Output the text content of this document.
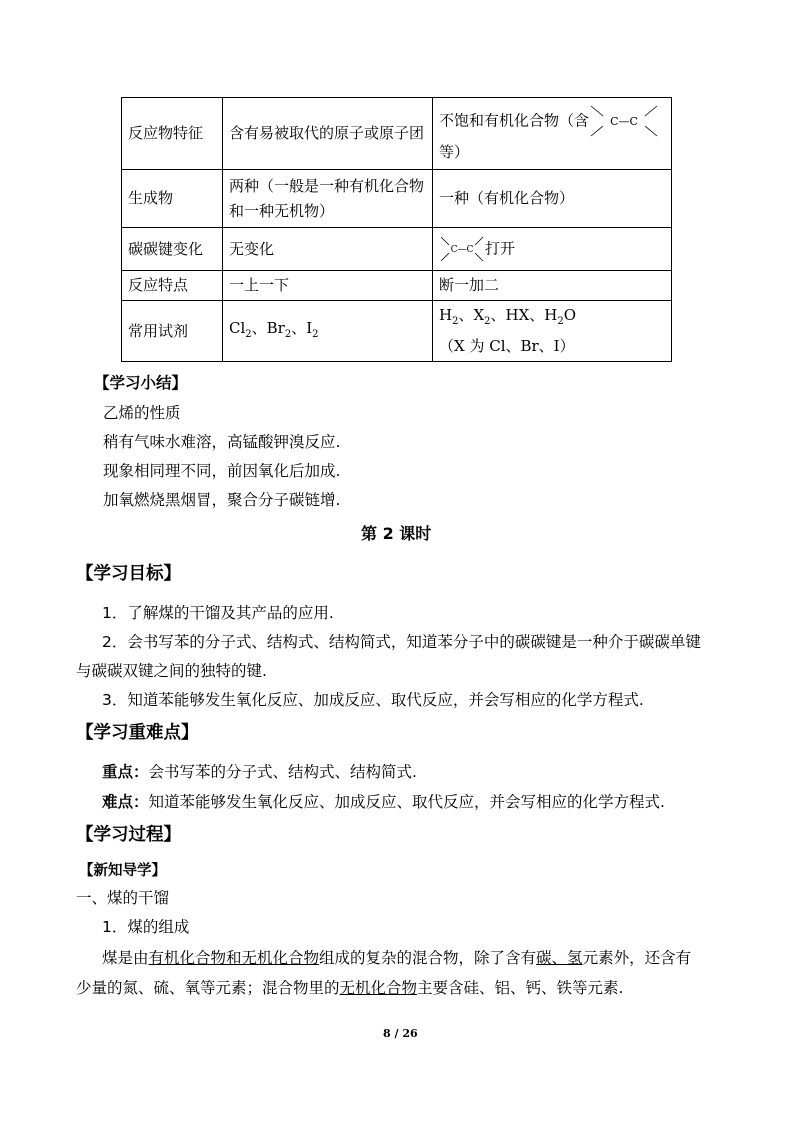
反应物特征	含有易被取代的原子或原子团	不饱和有机化合物（含 C—C

等）
生成物	两种（一般是一种有机化合物和一种无机物）	一种（有机化合物）
碳碳键变化	无变化	C—C 打开
反应特点	一上一下	断一加二
常用试剂	$Cl_2$、$Br_2$、$I_2$	$H_2$、$X_2$、HX、$H_2O$
（X 为 Cl、Br、I）
【学习小结】
乙烯的性质
稍有气味水难溶，高锰酸钾溴反应.
现象相同理不同，前因氧化后加成.
加氧燃烧黑烟冒，聚合分子碳链增.
第 2 课时
【学习目标】
1．了解煤的干馏及其产品的应用.
2．会书写苯的分子式、结构式、结构简式，知道苯分子中的碳碳键是一种介于碳碳单键
与碳碳双键之间的独特的键.
3．知道苯能够发生氧化反应、加成反应、取代反应，并会写相应的化学方程式.
【学习重难点】
重点：会书写苯的分子式、结构式、结构简式.
难点：知道苯能够发生氧化反应、加成反应、取代反应，并会写相应的化学方程式.
【学习过程】
【新知导学】
一、煤的干馏
1．煤的组成
煤是由有机化合物和无机化合物组成的复杂的混合物，除了含有碳、氢元素外，还含有
少量的氮、硫、氧等元素；混合物里的无机化合物主要含硅、铝、钙、铁等元素.
8 / 26
